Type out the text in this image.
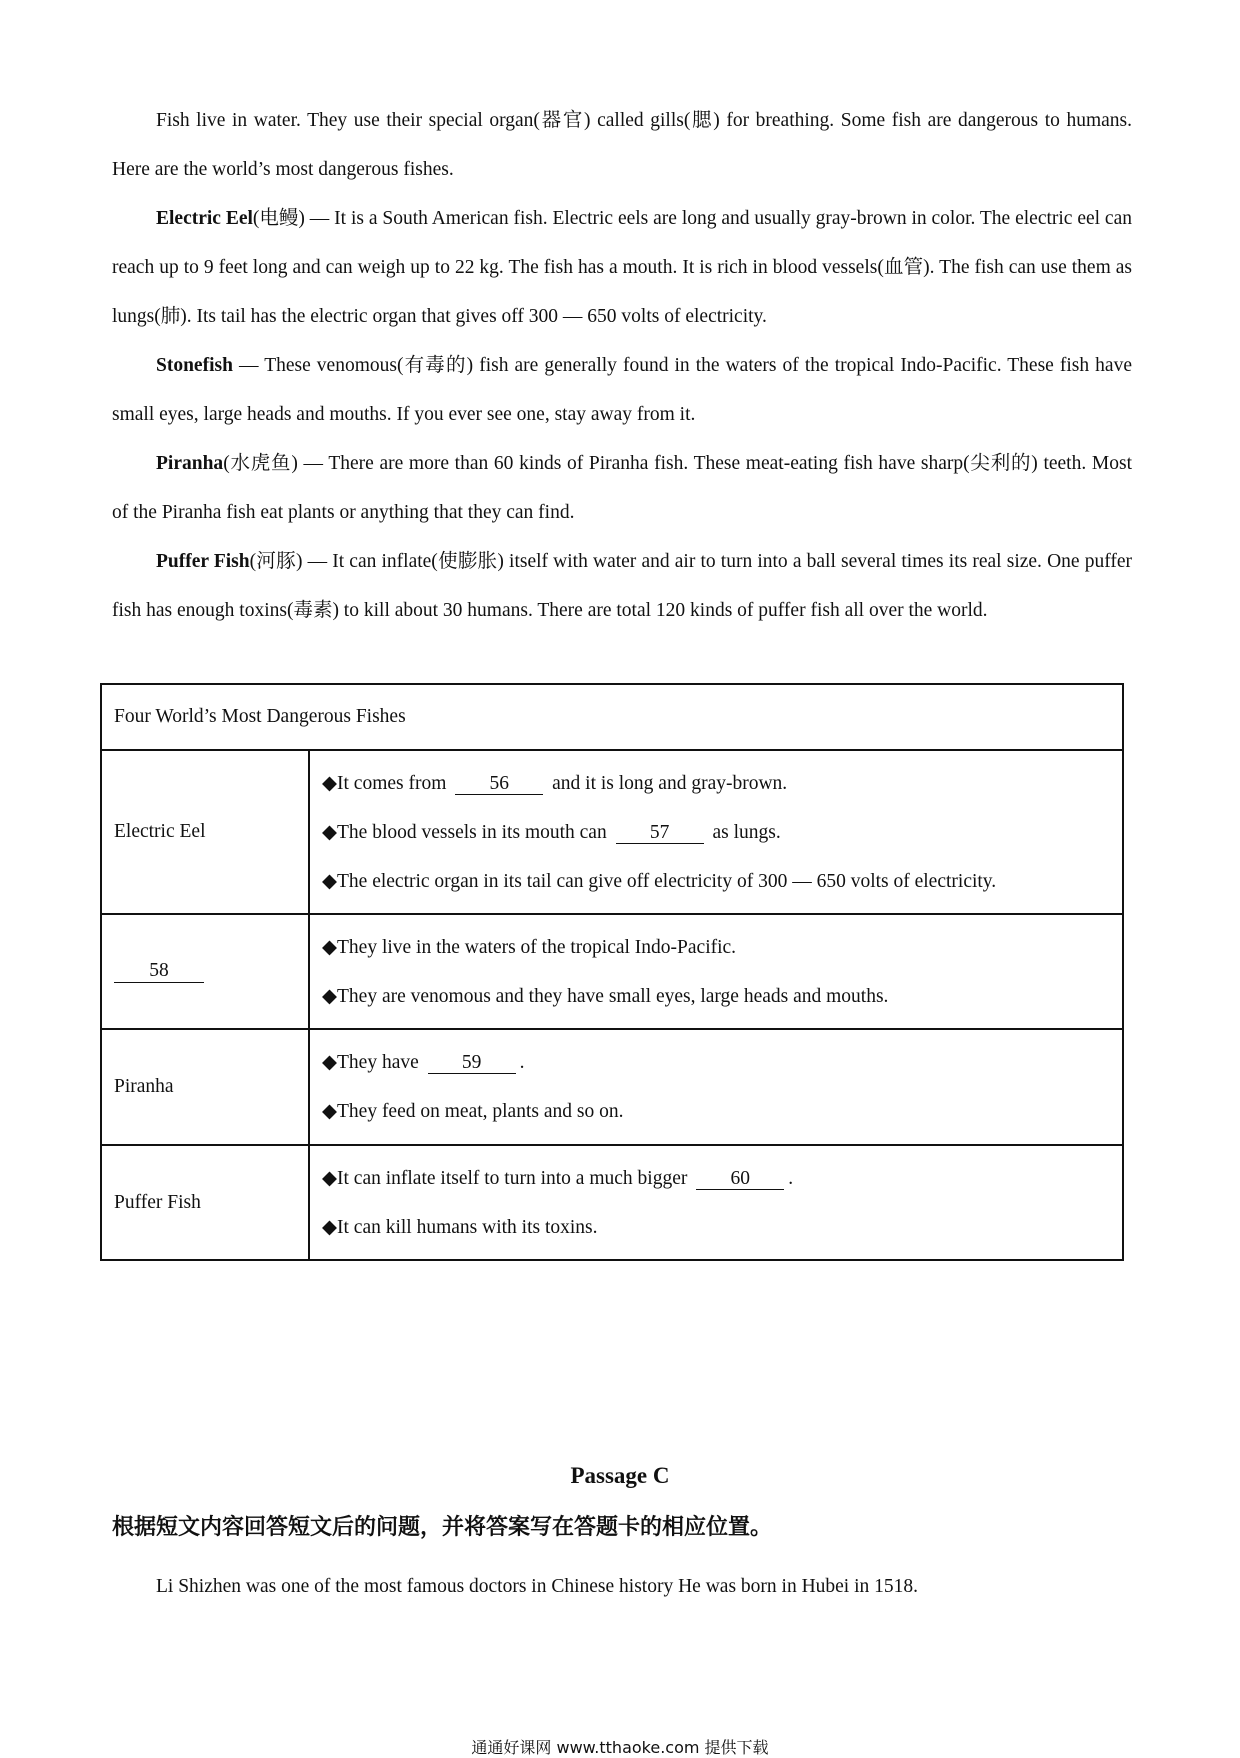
Fish live in water. They use their special organ(器官) called gills(腮) for breathing. Some fish are dangerous to humans. Here are the world’s most dangerous fishes.

Electric Eel(电鳗) — It is a South American fish. Electric eels are long and usually gray-brown in color. The electric eel can reach up to 9 feet long and can weigh up to 22 kg. The fish has a mouth. It is rich in blood vessels(血管). The fish can use them as lungs(肺). Its tail has the electric organ that gives off 300 — 650 volts of electricity.

Stonefish — These venomous(有毒的) fish are generally found in the waters of the tropical Indo-Pacific. These fish have small eyes, large heads and mouths. If you ever see one, stay away from it.

Piranha(水虎鱼) — There are more than 60 kinds of Piranha fish. These meat-eating fish have sharp(尖利的) teeth. Most of the Piranha fish eat plants or anything that they can find.

Puffer Fish(河豚) — It can inflate(使膨胀) itself with water and air to turn into a ball several times its real size. One puffer fish has enough toxins(毒素) to kill about 30 humans. There are total 120 kinds of puffer fish all over the world.

Four World’s Most Dangerous Fishes	
Electric Eel	◆It comes from 56 and it is long and gray-brown.
◆The blood vessels in its mouth can 57 as lungs.
◆The electric organ in its tail can give off electricity of 300 — 650 volts of electricity.

58	◆They live in the waters of the tropical Indo-Pacific.
◆They are venomous and they have small eyes, large heads and mouths.

Piranha	◆They have 59 .
◆They feed on meat, plants and so on.

Puffer Fish	◆It can inflate itself to turn into a much bigger 60 .
◆It can kill humans with its toxins.
Passage C
根据短文内容回答短文后的问题，并将答案写在答题卡的相应位置。

Li Shizhen was one of the most famous doctors in Chinese history He was born in Hubei in 1518.

通通好课网 www.tthaoke.com 提供下载
